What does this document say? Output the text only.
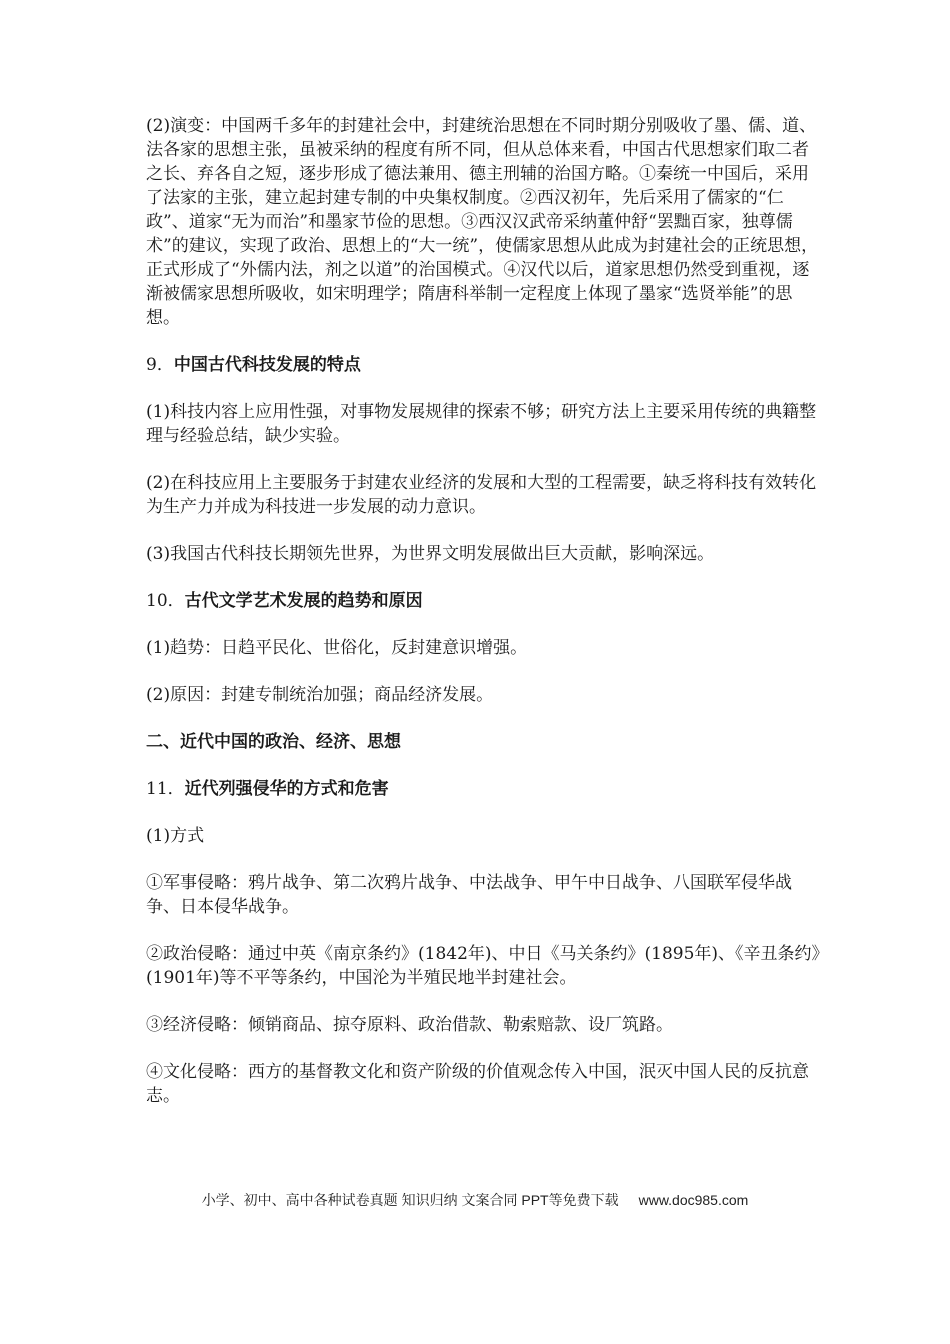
(2)演变：中国两千多年的封建社会中，封建统治思想在不同时期分别吸收了墨、儒、道、法各家的思想主张，虽被采纳的程度有所不同，但从总体来看，中国古代思想家们取二者之长、弃各自之短，逐步形成了德法兼用、德主刑辅的治国方略。①秦统一中国后，采用了法家的主张，建立起封建专制的中央集权制度。②西汉初年，先后采用了儒家的“仁政”、道家“无为而治”和墨家节俭的思想。③西汉汉武帝采纳董仲舒“罢黜百家，独尊儒术”的建议，实现了政治、思想上的“大一统”，使儒家思想从此成为封建社会的正统思想，正式形成了“外儒内法，剂之以道”的治国模式。④汉代以后，道家思想仍然受到重视，逐渐被儒家思想所吸收，如宋明理学；隋唐科举制一定程度上体现了墨家“选贤举能”的思想。

9．中国古代科技发展的特点

(1)科技内容上应用性强，对事物发展规律的探索不够；研究方法上主要采用传统的典籍整理与经验总结，缺少实验。

(2)在科技应用上主要服务于封建农业经济的发展和大型的工程需要，缺乏将科技有效转化为生产力并成为科技进一步发展的动力意识。

(3)我国古代科技长期领先世界，为世界文明发展做出巨大贡献，影响深远。

10．古代文学艺术发展的趋势和原因

(1)趋势：日趋平民化、世俗化，反封建意识增强。

(2)原因：封建专制统治加强；商品经济发展。

二、近代中国的政治、经济、思想
11．近代列强侵华的方式和危害

(1)方式

①军事侵略：鸦片战争、第二次鸦片战争、中法战争、甲午中日战争、八国联军侵华战争、日本侵华战争。

②政治侵略：通过中英《南京条约》(1842年)、中日《马关条约》(1895年)、《辛丑条约》(1901年)等不平等条约，中国沦为半殖民地半封建社会。

③经济侵略：倾销商品、掠夺原料、政治借款、勒索赔款、设厂筑路。

④文化侵略：西方的基督教文化和资产阶级的价值观念传入中国，泯灭中国人民的反抗意志。

小学、初中、高中各种试卷真题 知识归纳 文案合同 PPT等免费下载 www.doc985.com
